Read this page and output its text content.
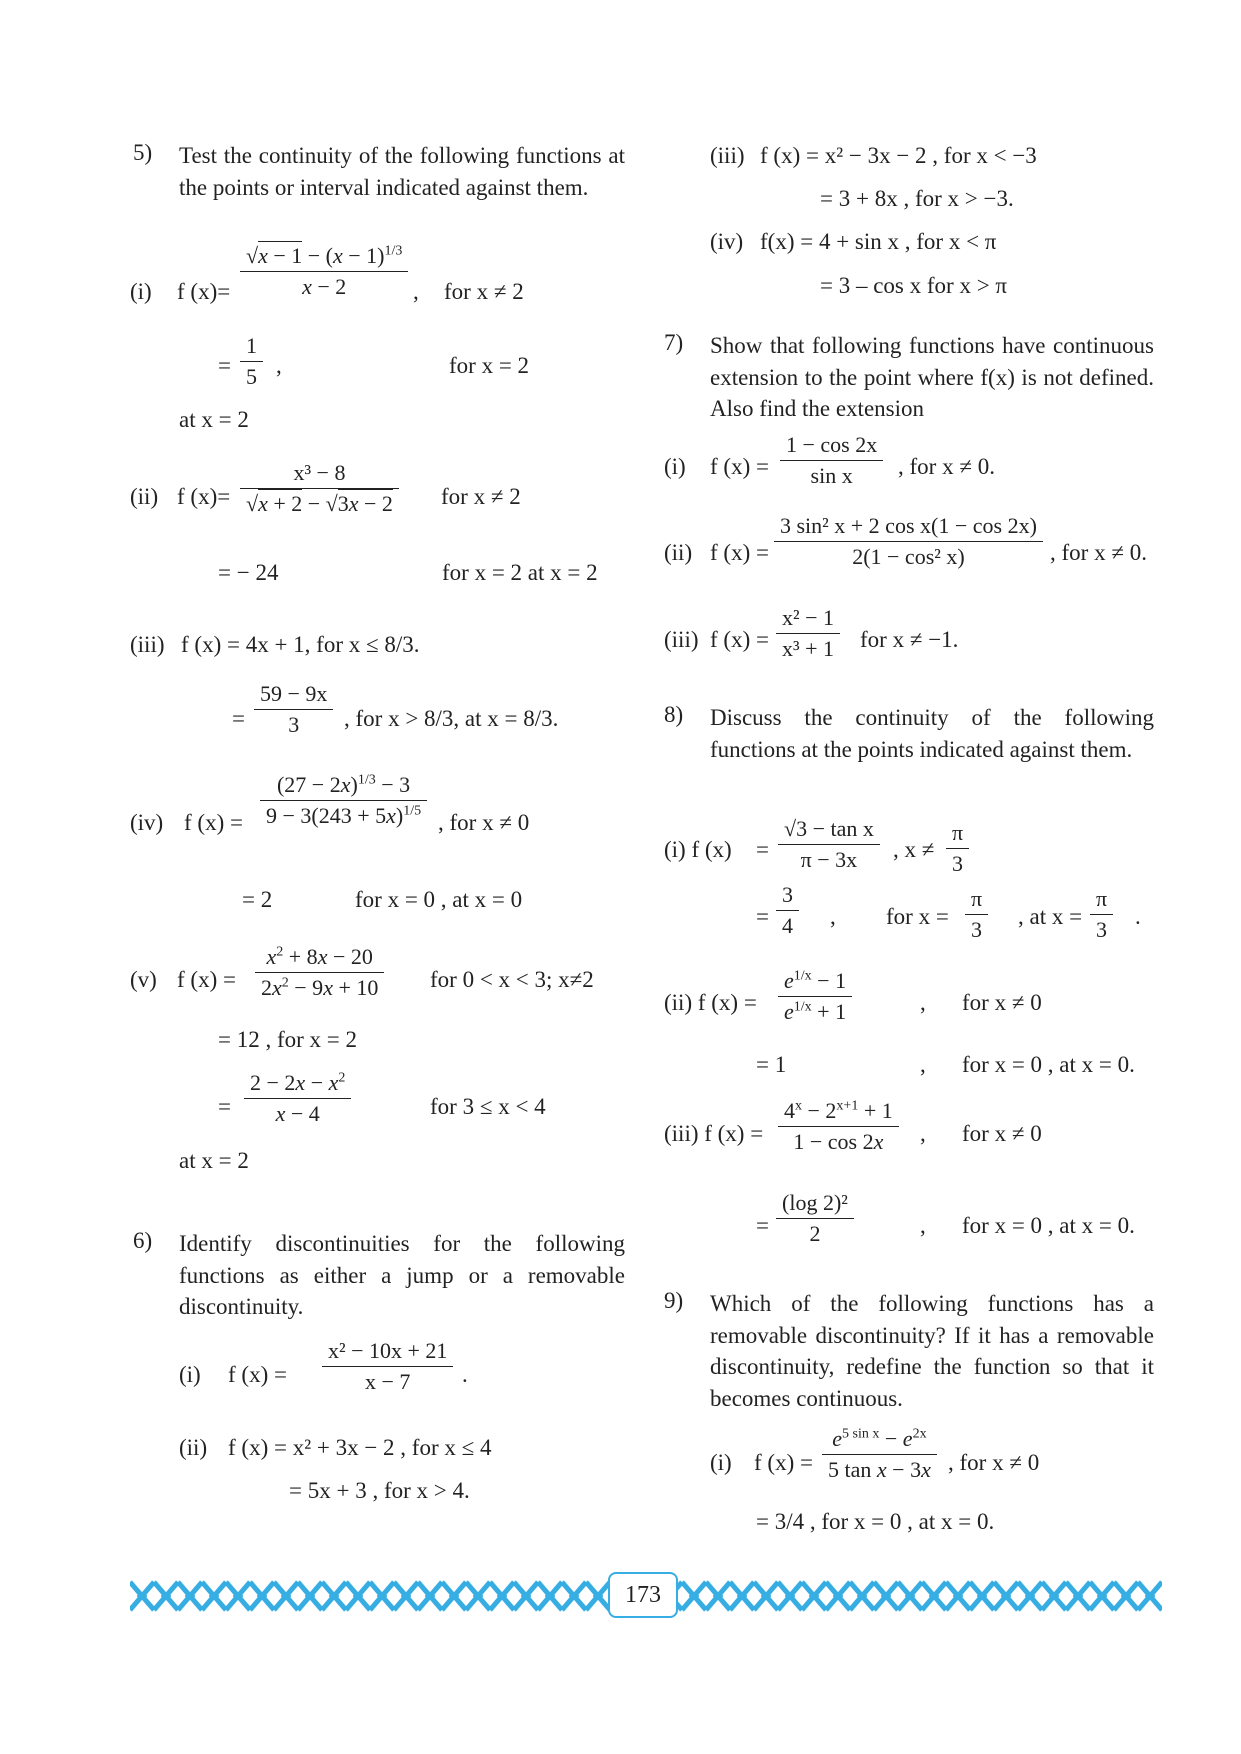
5) Test the continuity of the following functions at the points or interval indicated against them.
(i) f $(x)= \frac{√x - 1 - (x - 1)^{1/3}}{x - 2}$ , for x ≠ 2
= $\frac{1}{5}$ ,	for x = 2
at x = 2
(ii) f $(x)= \frac{\text{x³ − 8}}{√x + 2 - √3x - 2}$ for x ≠ 2
= − 24	for x = 2 at x = 2
(iii) f (x) = 4x + 1, for x ≤ 8/3.
= $\frac{59 - 9x}{3}$ , for x > 8/3, at x = 8/3.
(iv) f $(x) = \frac{(27 - 2x)^{1/3} - 3}{9 - 3(243 + 5x)^{1/5}}$ , for x ≠ 0
= 2	for x = 0 , at x = 0
(v) f $(x) = \frac{x^2 + 8x - 20}{2x^2 - 9x + 10}$ for 0 < x < 3; x≠2
= 12 , for x = 2
= $\frac{2 - 2x - x^2}{x - 4}$	for 3 ≤ x < 4
at x = 2
6) Identify discontinuities for the following functions as either a jump or a removable discontinuity.
(i) f $(x) = \frac{\text{x² − 10x + 21}}{x - 7}$ .
(ii) f (x) = x² + 3x − 2 , for x ≤ 4
= 5x + 3 , for x > 4.
(iii) f (x) = x² − 3x − 2 , for x < −3
= 3 + 8x , for x > −3.
(iv) f(x) = 4 + sin x , for x < π
= 3 – cos x for x > π
7) Show that following functions have continuous extension to the point where f(x) is not defined. Also find the extension
(i) f $(x) = \frac{1 - \cos 2x}{\text{sin x}}$ , for x ≠ 0.
(ii) f $(x) = \frac{\text{3 sin² x + 2 cos x(1 − cos 2x)}}{\text{2(1 − cos² x)}}$ , for x ≠ 0.
(iii) f $(x) = \frac{\text{x² − 1}}{\text{x³ + 1}}$ for x ≠ −1.
8) Discuss the continuity of the following functions at the points indicated against them.
(i) f $(x) = \frac{\text{√3 − tan x}}{\pi - 3x}$ , $x \ne \frac{\pi}{3}$
= $\frac{3}{4}$ , for $x = \frac{\pi}{3}$ , at $x = \frac{\pi}{3}$ .
(ii) f $(x) = \frac{e^{1/x} - 1}{e^{1/x} + 1}$	, for x ≠ 0
= 1	, for x = 0 , at x = 0.
(iii) f $(x) = \frac{4^x - 2^{x+1} + 1}{1 - \cos 2x}$ , for x ≠ 0
= $\frac{\text{(log 2)²}}{2}$	, for x = 0 , at x = 0.
9) Which of the following functions has a removable discontinuity? If it has a removable discontinuity, redefine the function so that it becomes continuous.
(i) f $(x) = \frac{e^{5 sin x} - e^{2x}}{\text{5 tan x − 3x}}$ , for x ≠ 0
= 3/4 , for x = 0 , at x = 0.
173
